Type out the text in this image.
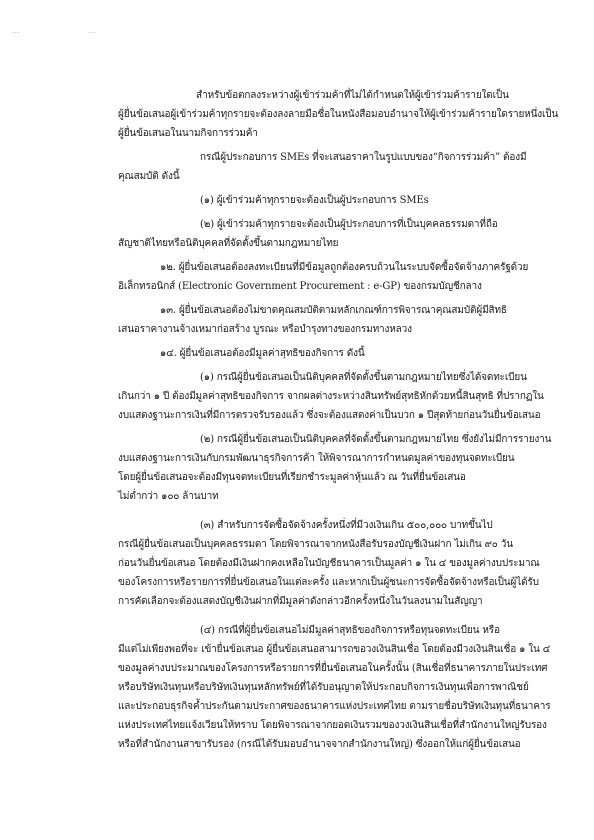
...	...
สำหรับข้อตกลงระหว่างผู้เข้าร่วมค้าที่ไม่ได้กำหนดให้ผู้เข้าร่วมค้ารายใดเป็น
ผู้ยื่นข้อเสนอผู้เข้าร่วมค้าทุกรายจะต้องลงลายมือชื่อในหนังสือมอบอำนาจให้ผู้เข้าร่วมค้ารายใดรายหนึ่งเป็น
ผู้ยื่นข้อเสนอในนามกิจการร่วมค้า
กรณีผู้ประกอบการ SMEs ที่จะเสนอราคาในรูปแบบของ“กิจการร่วมค้า” ต้องมี
คุณสมบัติ ดังนี้
(๑) ผู้เข้าร่วมค้าทุกรายจะต้องเป็นผู้ประกอบการ SMEs
(๒) ผู้เข้าร่วมค้าทุกรายจะต้องเป็นผู้ประกอบการที่เป็นบุคคลธรรมดาที่ถือ
สัญชาติไทยหรือนิติบุคคลที่จัดตั้งขึ้นตามกฎหมายไทย
๑๒. ผู้ยื่นข้อเสนอต้องลงทะเบียนที่มีข้อมูลถูกต้องครบถ้วนในระบบจัดซื้อจัดจ้างภาครัฐด้วย
อิเล็กทรอนิกส์ (Electronic Government Procurement : e-GP) ของกรมบัญชีกลาง
๑๓. ผู้ยื่นข้อเสนอต้องไม่ขาดคุณสมบัติตามหลักเกณฑ์การพิจารณาคุณสมบัติผู้มีสิทธิ
เสนอราคางานจ้างเหมาก่อสร้าง บูรณะ หรือบำรุงทางของกรมทางหลวง
๑๔. ผู้ยื่นข้อเสนอต้องมีมูลค่าสุทธิของกิจการ ดังนี้
(๑) กรณีผู้ยื่นข้อเสนอเป็นนิติบุคคลที่จัดตั้งขึ้นตามกฎหมายไทยซึ่งได้จดทะเบียน
เกินกว่า ๑ ปี ต้องมีมูลค่าสุทธิของกิจการ จากผลต่างระหว่างสินทรัพย์สุทธิหักด้วยหนี้สินสุทธิ ที่ปรากฏใน
งบแสดงฐานะการเงินที่มีการตรวจรับรองแล้ว ซึ่งจะต้องแสดงค่าเป็นบวก ๑ ปีสุดท้ายก่อนวันยื่นข้อเสนอ
(๒) กรณีผู้ยื่นข้อเสนอเป็นนิติบุคคลที่จัดตั้งขึ้นตามกฎหมายไทย ซึ่งยังไม่มีการรายงาน
งบแสดงฐานะการเงินกับกรมพัฒนาธุรกิจการค้า ให้พิจารณาการกำหนดมูลค่าของทุนจดทะเบียน
โดยผู้ยื่นข้อเสนอจะต้องมีทุนจดทะเบียนที่เรียกชำระมูลค่าหุ้นแล้ว ณ วันที่ยื่นข้อเสนอ
ไม่ต่ำกว่า ๑๐๐ ล้านบาท
(๓) สำหรับการจัดซื้อจัดจ้างครั้งหนึ่งที่มีวงเงินเกิน ๕๐๐,๐๐๐ บาทขึ้นไป
กรณีผู้ยื่นข้อเสนอเป็นบุคคลธรรมดา โดยพิจารณาจากหนังสือรับรองบัญชีเงินฝาก ไม่เกิน ๙๐ วัน
ก่อนวันยื่นข้อเสนอ โดยต้องมีเงินฝากคงเหลือในบัญชีธนาคารเป็นมูลค่า ๑ ใน ๔ ของมูลค่างบประมาณ
ของโครงการหรือรายการที่ยื่นข้อเสนอในแต่ละครั้ง และหากเป็นผู้ชนะการจัดซื้อจัดจ้างหรือเป็นผู้ได้รับ
การคัดเลือกจะต้องแสดงบัญชีเงินฝากที่มีมูลค่าดังกล่าวอีกครั้งหนึ่งในวันลงนามในสัญญา
(๔) กรณีที่ผู้ยื่นข้อเสนอไม่มีมูลค่าสุทธิของกิจการหรือทุนจดทะเบียน หรือ
มีแต่ไม่เพียงพอที่จะ เข้ายื่นข้อเสนอ ผู้ยื่นข้อเสนอสามารถขอวงเงินสินเชื่อ โดยต้องมีวงเงินสินเชื่อ ๑ ใน ๔
ของมูลค่างบประมาณของโครงการหรือรายการที่ยื่นข้อเสนอในครั้งนั้น (สินเชื่อที่ธนาคารภายในประเทศ
หรือบริษัทเงินทุนหรือบริษัทเงินทุนหลักทรัพย์ที่ได้รับอนุญาตให้ประกอบกิจการเงินทุนเพื่อการพาณิชย์
และประกอบธุรกิจค้ำประกันตามประกาศของธนาคารแห่งประเทศไทย ตามรายชื่อบริษัทเงินทุนที่ธนาคาร
แห่งประเทศไทยแจ้งเวียนให้ทราบ โดยพิจารณาจากยอดเงินรวมของวงเงินสินเชื่อที่สำนักงานใหญ่รับรอง
หรือที่สำนักงานสาขารับรอง (กรณีได้รับมอบอำนาจจากสำนักงานใหญ่) ซึ่งออกให้แก่ผู้ยื่นข้อเสนอ
